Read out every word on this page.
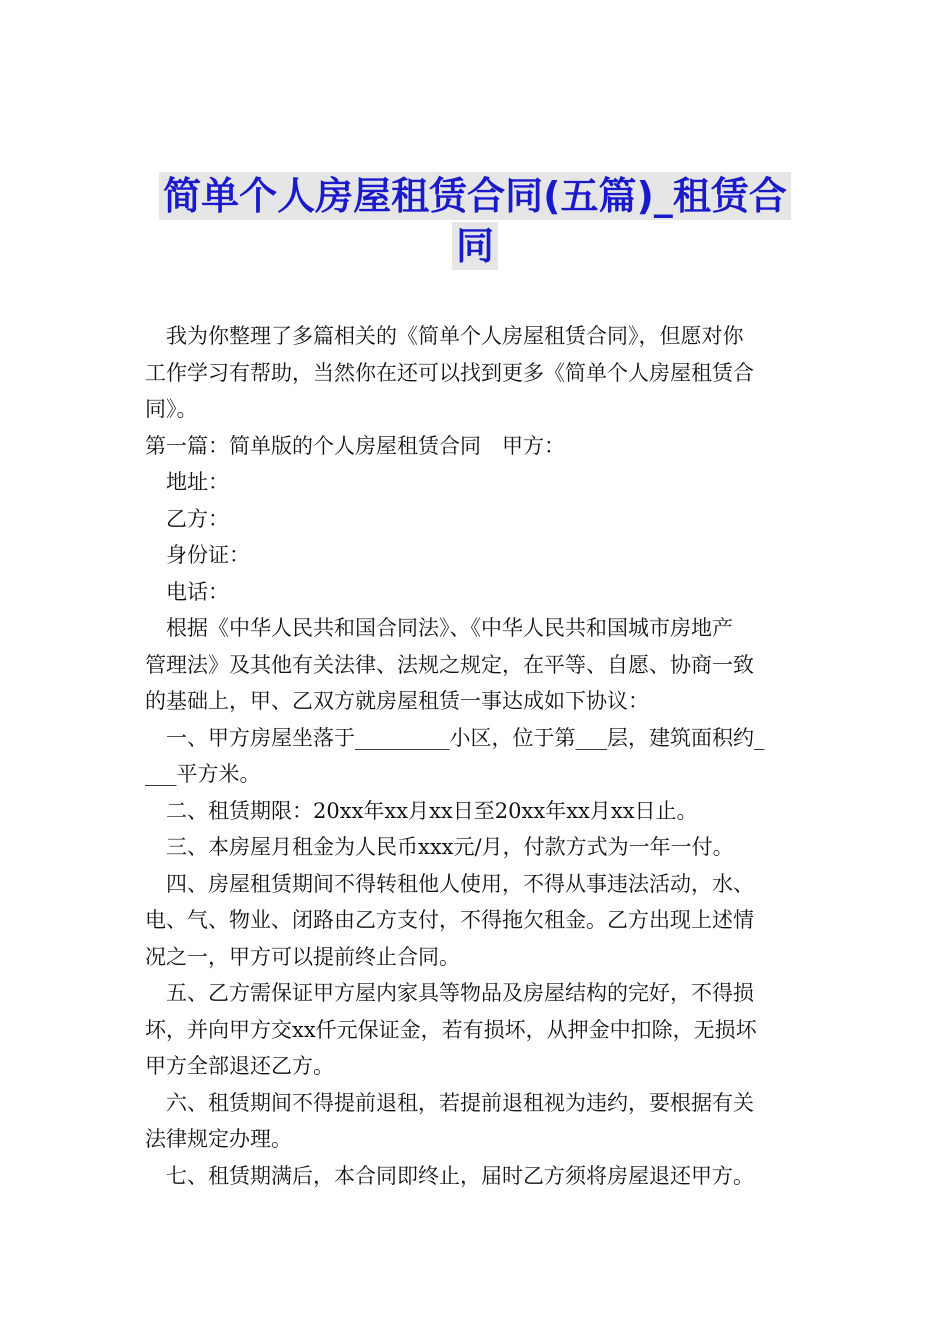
简单个人房屋租赁合同(五篇)_租赁合
同

我为你整理了多篇相关的《简单个人房屋租赁合同》，但愿对你

工作学习有帮助，当然你在还可以找到更多《简单个人房屋租赁合

同》。

第一篇：简单版的个人房屋租赁合同　甲方：

地址：

乙方：

身份证：

电话：

根据《中华人民共和国合同法》、《中华人民共和国城市房地产

管理法》及其他有关法律、法规之规定，在平等、自愿、协商一致

的基础上，甲、乙双方就房屋租赁一事达成如下协议：

一、甲方房屋坐落于_________小区，位于第___层，建筑面积约_

___平方米。

二、租赁期限：20xx年xx月xx日至20xx年xx月xx日止。

三、本房屋月租金为人民币xxx元/月，付款方式为一年一付。

四、房屋租赁期间不得转租他人使用，不得从事违法活动，水、

电、气、物业、闭路由乙方支付，不得拖欠租金。乙方出现上述情

况之一，甲方可以提前终止合同。

五、乙方需保证甲方屋内家具等物品及房屋结构的完好，不得损

坏，并向甲方交xx仟元保证金，若有损坏，从押金中扣除，无损坏

甲方全部退还乙方。

六、租赁期间不得提前退租，若提前退租视为违约，要根据有关

法律规定办理。

七、租赁期满后，本合同即终止，届时乙方须将房屋退还甲方。
